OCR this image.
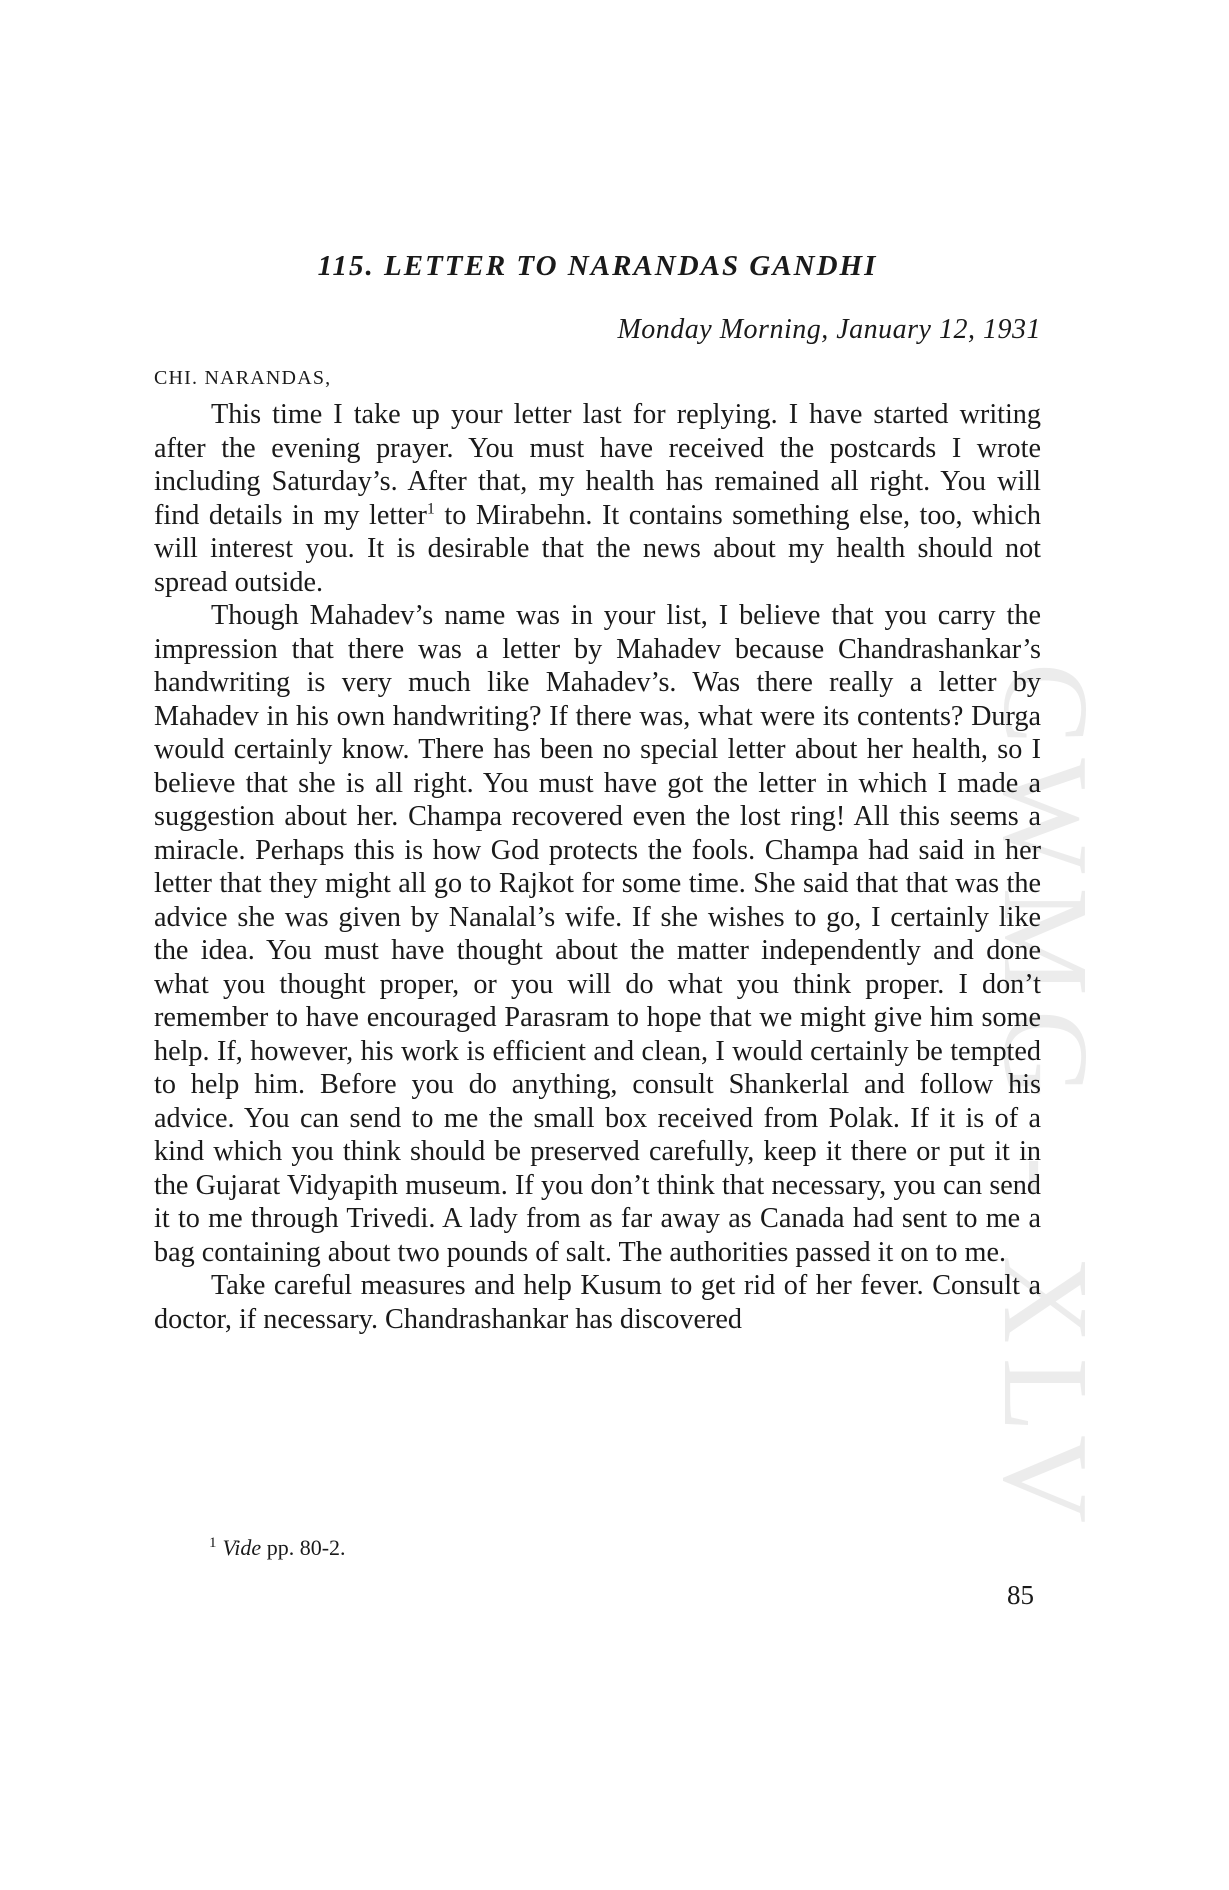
CWMG - XLV
115. LETTER TO NARANDAS GANDHI

Monday Morning, January 12, 1931

CHI. NARANDAS,

This time I take up your letter last for replying. I have started writing after the evening prayer. You must have received the postcards I wrote including Saturday’s. After that, my health has remained all right. You will find details in my letter$^1$ to Mirabehn. It contains something else, too, which will interest you. It is desirable that the news about my health should not spread outside.

Though Mahadev’s name was in your list, I believe that you carry the impression that there was a letter by Mahadev because Chandrashankar’s handwriting is very much like Mahadev’s. Was there really a letter by Mahadev in his own handwriting? If there was, what were its contents? Durga would certainly know. There has been no special letter about her health, so I believe that she is all right. You must have got the letter in which I made a suggestion about her. Champa recovered even the lost ring! All this seems a miracle. Perhaps this is how God protects the fools. Champa had said in her letter that they might all go to Rajkot for some time. She said that that was the advice she was given by Nanalal’s wife. If she wishes to go, I certainly like the idea. You must have thought about the matter independently and done what you thought proper, or you will do what you think proper. I don’t remember to have encouraged Parasram to hope that we might give him some help. If, however, his work is efficient and clean, I would certainly be tempted to help him. Before you do anything, consult Shankerlal and follow his advice. You can send to me the small box received from Polak. If it is of a kind which you think should be preserved carefully, keep it there or put it in the Gujarat Vidyapith museum. If you don’t think that necessary, you can send it to me through Trivedi. A lady from as far away as Canada had sent to me a bag containing about two pounds of salt. The authorities passed it on to me.

Take careful measures and help Kusum to get rid of her fever. Consult a doctor, if necessary. Chandrashankar has discovered

$^1$ Vide pp. 80-2.

85
